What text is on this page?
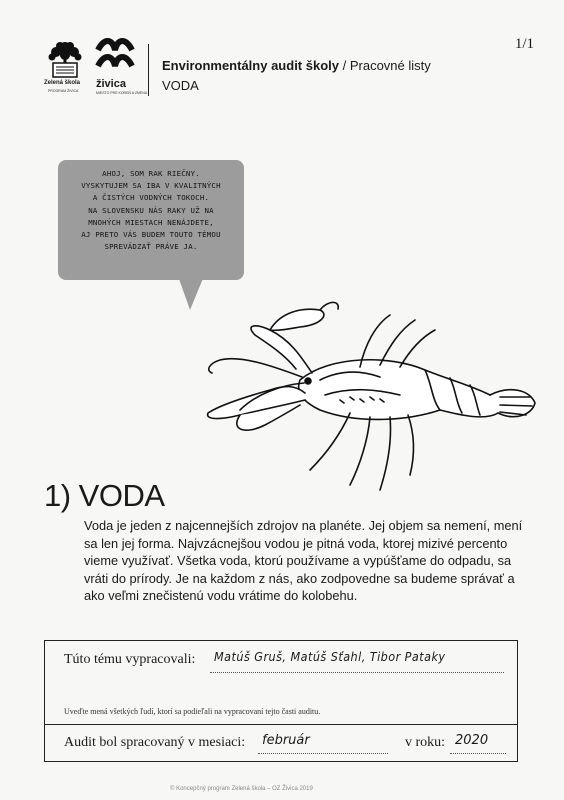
1/1
Zelená škola
PROGRAM ŽIVICA
živica
MIESTO PRE KOREŇ A ZMENU
Environmentálny audit školy / Pracovné listy
VODA
AHOJ, SOM RAK RIEČNY.
VYSKYTUJEM SA IBA V KVALITNÝCH
A ČISTÝCH VODNÝCH TOKOCH.
NA SLOVENSKU NÁS RAKY UŽ NA
MNOHÝCH MIESTACH NENÁJDETE,
AJ PRETO VÁS BUDEM TOUTO TÉMOU
SPREVÁDZAŤ PRÁVE JA.
1) VODA
Voda je jeden z najcennejších zdrojov na planéte. Jej objem sa nemení, mení sa len jej forma. Najvzácnejšou vodou je pitná voda, ktorej mizivé percento vieme využívať. Všetka voda, ktorú používame a vypúšťame do odpadu, sa vráti do prírody. Je na každom z nás, ako zodpovedne sa budeme správať a ako veľmi znečistenú vodu vrátime do kolobehu.
Túto tému vypracovali: Matúš Gruš, Matúš Sťahl, Tibor Pataky
Uveďte mená všetkých ľudí, ktorí sa podieľali na vypracovaní tejto časti auditu.
Audit bol spracovaný v mesiaci: február	v roku: 2020
© Koncepčný program Zelená škola – OZ Živica 2019
